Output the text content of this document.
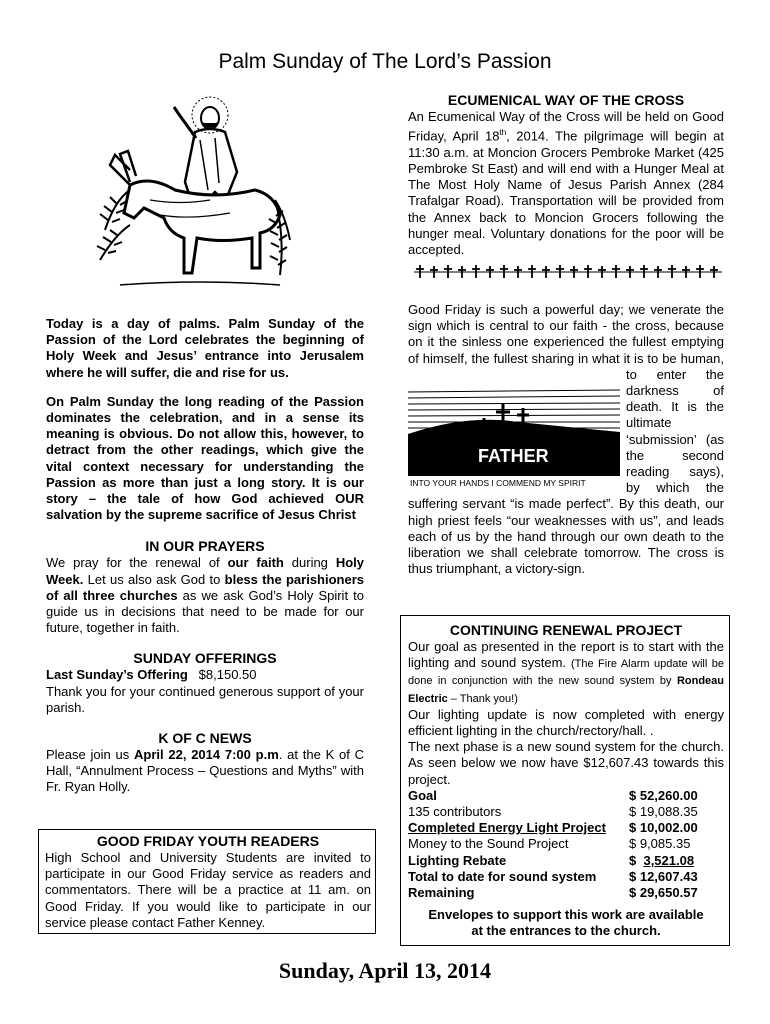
Palm Sunday of The Lord’s Passion

Today is a day of palms. Palm Sunday of the Passion of the Lord celebrates the beginning of Holy Week and Jesus’ entrance into Jerusalem where he will suffer, die and rise for us.

On Palm Sunday the long reading of the Passion dominates the celebration, and in a sense its meaning is obvious. Do not allow this, however, to detract from the other readings, which give the vital context necessary for understanding the Passion as more than just a long story. It is our story – the tale of how God achieved OUR salvation by the supreme sacrifice of Jesus Christ

IN OUR PRAYERS

We pray for the renewal of our faith during Holy Week. Let us also ask God to bless the parishioners of all three churches as we ask God’s Holy Spirit to guide us in decisions that need to be made for our future, together in faith.

SUNDAY OFFERINGS

Last Sunday’s Offering $8,150.50

Thank you for your continued generous support of your parish.

K OF C NEWS

Please join us April 22, 2014 7:00 p.m. at the K of C Hall, “Annulment Process – Questions and Myths” with Fr. Ryan Holly.

GOOD FRIDAY YOUTH READERS

High School and University Students are invited to participate in our Good Friday service as readers and commentators. There will be a practice at 11 am. on Good Friday. If you would like to participate in our service please contact Father Kenney.

ECUMENICAL WAY OF THE CROSS

An Ecumenical Way of the Cross will be held on Good Friday, April 18th, 2014. The pilgrimage will begin at 11:30 a.m. at Moncion Grocers Pembroke Market (425 Pembroke St East) and will end with a Hunger Meal at The Most Holy Name of Jesus Parish Annex (284 Trafalgar Road). Transportation will be provided from the Annex back to Moncion Grocers following the hunger meal. Voluntary donations for the poor will be accepted.

FATHER
INTO YOUR HANDS I COMMEND MY SPIRIT
Good Friday is such a powerful day; we venerate the sign which is central to our faith - the cross, because on it the sinless one experienced the fullest emptying of himself, the fullest sharing in what it is to be human, to enter the darkness of death. It is the ultimate ‘submission’ (as the second reading says), by which the suffering servant “is made perfect”. By this death, our high priest feels “our weaknesses with us”, and leads each of us by the hand through our own death to the liberation we shall celebrate tomorrow. The cross is thus triumphant, a victory-sign.

CONTINUING RENEWAL PROJECT

Our goal as presented in the report is to start with the lighting and sound system. (The Fire Alarm update will be done in conjunction with the new sound system by Rondeau Electric – Thank you!)

Our lighting update is now completed with energy efficient lighting in the church/rectory/hall. .

The next phase is a new sound system for the church. As seen below we now have $12,607.43 towards this project.

Goal	$ 52,260.00
135 contributors	$ 19,088.35
Completed Energy Light Project	$ 10,002.00
Money to the Sound Project	$ 9,085.35
Lighting Rebate	$  3,521.08
Total to date for sound system	$ 12,607.43
Remaining	$ 29,650.57

Envelopes to support this work are available at the entrances to the church.

Sunday, April 13, 2014
